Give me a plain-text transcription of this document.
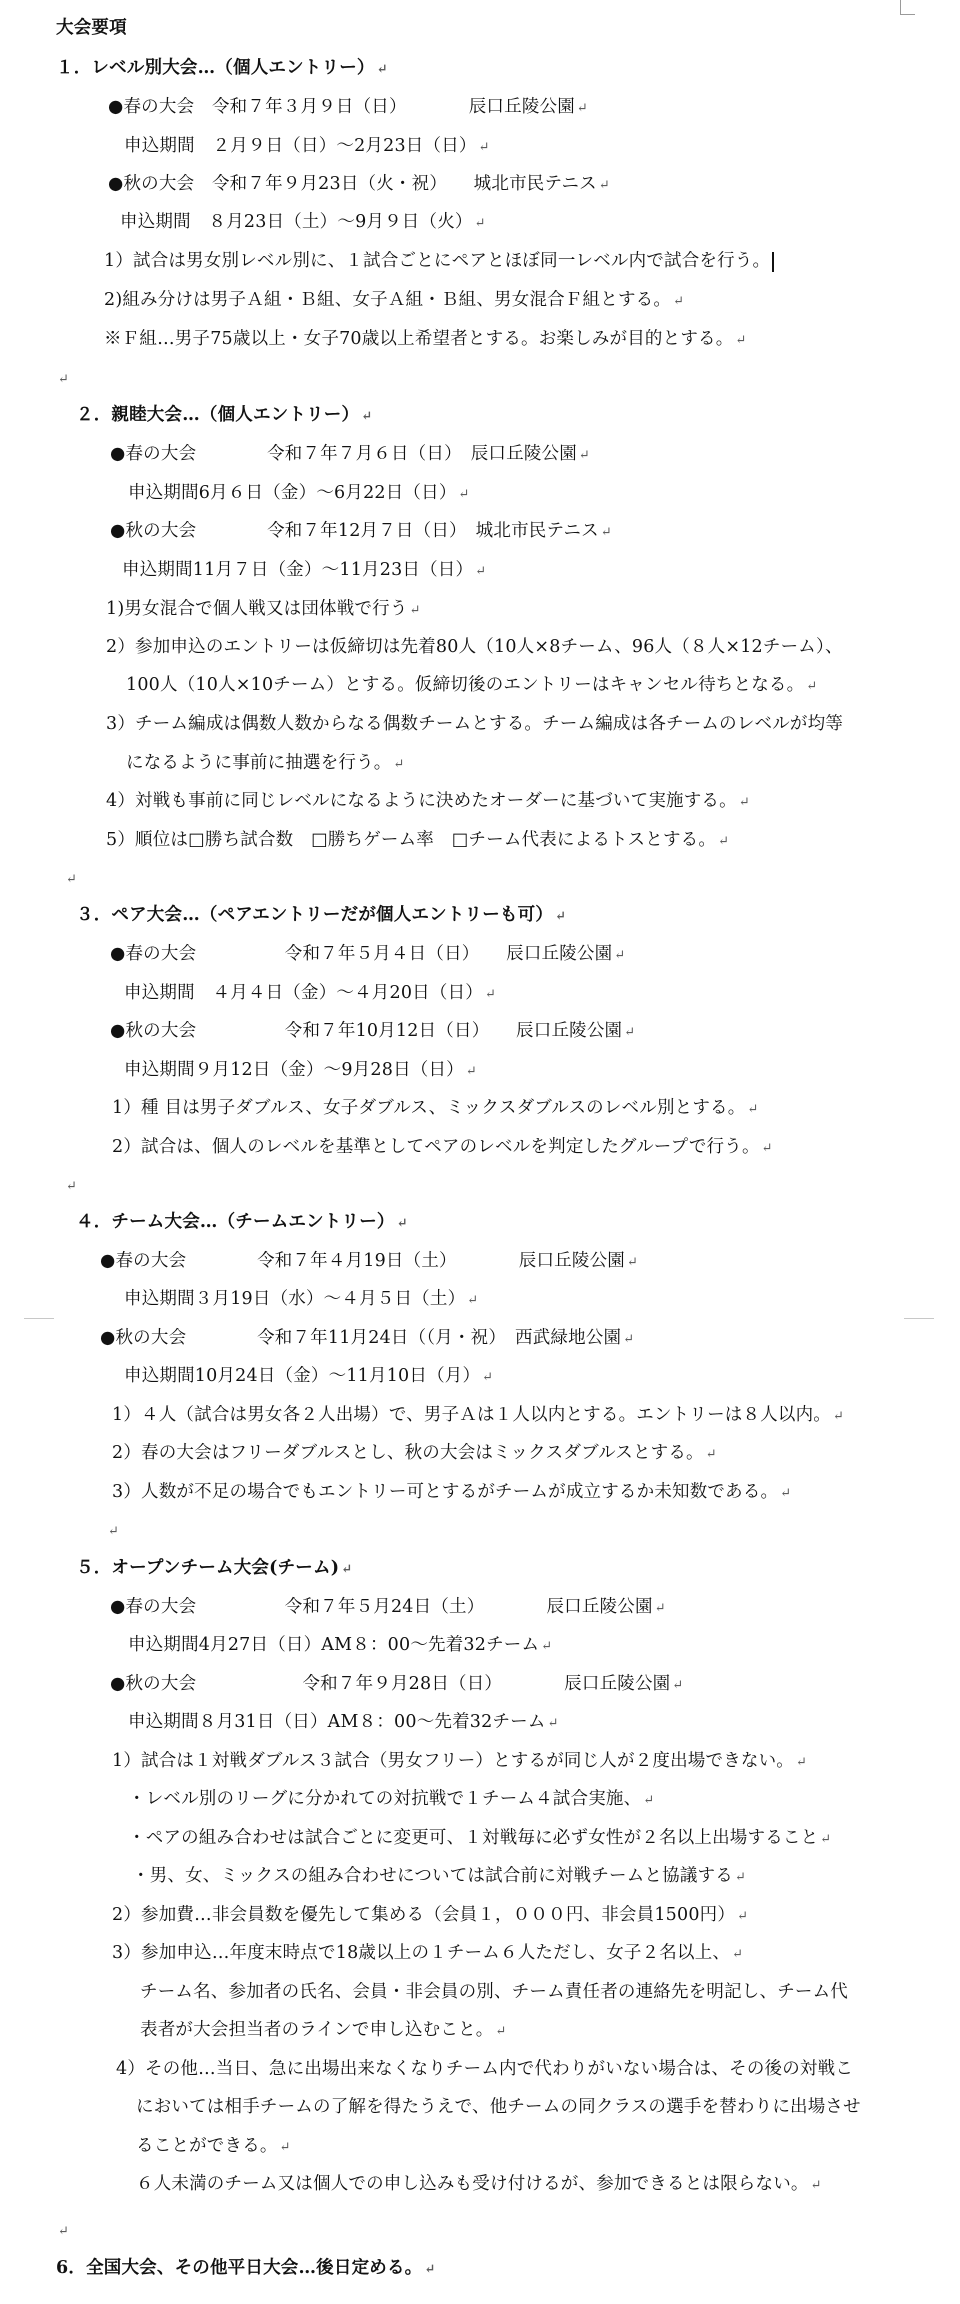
大会要項
１．レベル別大会…（個人エントリー） ↵
●春の大会　令和７年３月９日（日）　　　　辰口丘陵公園 ↵
申込期間　２月９日（日）〜2月23日（日） ↵
●秋の大会　令和７年９月23日（火・祝）　　城北市民テニス ↵
申込期間　８月23日（土）〜9月９日（火） ↵
1）試合は男女別レベル別に、１試合ごとにペアとほぼ同一レベル内で試合を行う。
2)組み分けは男子Ａ組・Ｂ組、女子Ａ組・Ｂ組、男女混合Ｆ組とする。 ↵
※Ｆ組…男子75歳以上・女子70歳以上希望者とする。お楽しみが目的とする。 ↵
↵
２．親睦大会…（個人エントリー） ↵
●春の大会　　　　令和７年７月６日（日）　辰口丘陵公園 ↵
申込期間6月６日（金）〜6月22日（日） ↵
●秋の大会　　　　令和７年12月７日（日）　城北市民テニス ↵
申込期間11月７日（金）〜11月23日（日） ↵
1)男女混合で個人戦又は団体戦で行う ↵
2）参加申込のエントリーは仮締切は先着80人（10人×8チーム、96人（８人×12チーム）、
100人（10人×10チーム）とする。仮締切後のエントリーはキャンセル待ちとなる。 ↵
3）チーム編成は偶数人数からなる偶数チームとする。チーム編成は各チームのレベルが均等
になるように事前に抽選を行う。 ↵
4）対戦も事前に同じレベルになるように決めたオーダーに基づいて実施する。 ↵
5）順位は□勝ち試合数　□勝ちゲーム率　□チーム代表によるトスとする。 ↵
↵
３．ペア大会…（ペアエントリーだが個人エントリーも可） ↵
●春の大会　　　　　令和７年５月４日（日）　　辰口丘陵公園 ↵
申込期間　４月４日（金）〜４月20日（日） ↵
●秋の大会　　　　　令和７年10月12日（日）　　辰口丘陵公園 ↵
申込期間９月12日（金）〜9月28日（日） ↵
1）種 目は男子ダブルス、女子ダブルス、ミックスダブルスのレベル別とする。 ↵
2）試合は、個人のレベルを基準としてペアのレベルを判定したグループで行う。 ↵
↵
４．チーム大会…（チームエントリー） ↵
●春の大会　　　　令和７年４月19日（土）　　　　辰口丘陵公園 ↵
申込期間３月19日（水）〜４月５日（土） ↵
●秋の大会　　　　令和７年11月24日（（月・祝）　西武緑地公園 ↵
申込期間10月24日（金）〜11月10日（月） ↵
1）４人（試合は男女各２人出場）で、男子Ａは１人以内とする。エントリーは８人以内。 ↵
2）春の大会はフリーダブルスとし、秋の大会はミックスダブルスとする。 ↵
3）人数が不足の場合でもエントリー可とするがチームが成立するか未知数である。 ↵
↵
５．オープンチーム大会(チーム) ↵
●春の大会　　　　　令和７年５月24日（土）　　　　辰口丘陵公園 ↵
申込期間4月27日（日）AM８：00〜先着32チーム ↵
●秋の大会　　　　　　令和７年９月28日（日）　　　　辰口丘陵公園 ↵
申込期間８月31日（日）AM８：00〜先着32チーム ↵
1）試合は１対戦ダブルス３試合（男女フリー）とするが同じ人が２度出場できない。 ↵
・レベル別のリーグに分かれての対抗戦で１チーム４試合実施、 ↵
・ペアの組み合わせは試合ごとに変更可、１対戦毎に必ず女性が２名以上出場すること ↵
・男、女、ミックスの組み合わせについては試合前に対戦チームと協議する ↵
2）参加費…非会員数を優先して集める（会員１，０００円、非会員1500円） ↵
3）参加申込…年度末時点で18歳以上の１チーム６人ただし、女子２名以上、 ↵
チーム名、参加者の氏名、会員・非会員の別、チーム責任者の連絡先を明記し、チーム代
表者が大会担当者のラインで申し込むこと。 ↵
4）その他…当日、急に出場出来なくなりチーム内で代わりがいない場合は、その後の対戦こ
においては相手チームの了解を得たうえで、他チームの同クラスの選手を替わりに出場させ
ることができる。 ↵
６人未満のチーム又は個人での申し込みも受け付けるが、参加できるとは限らない。 ↵
↵
6．全国大会、その他平日大会…後日定める。 ↵
